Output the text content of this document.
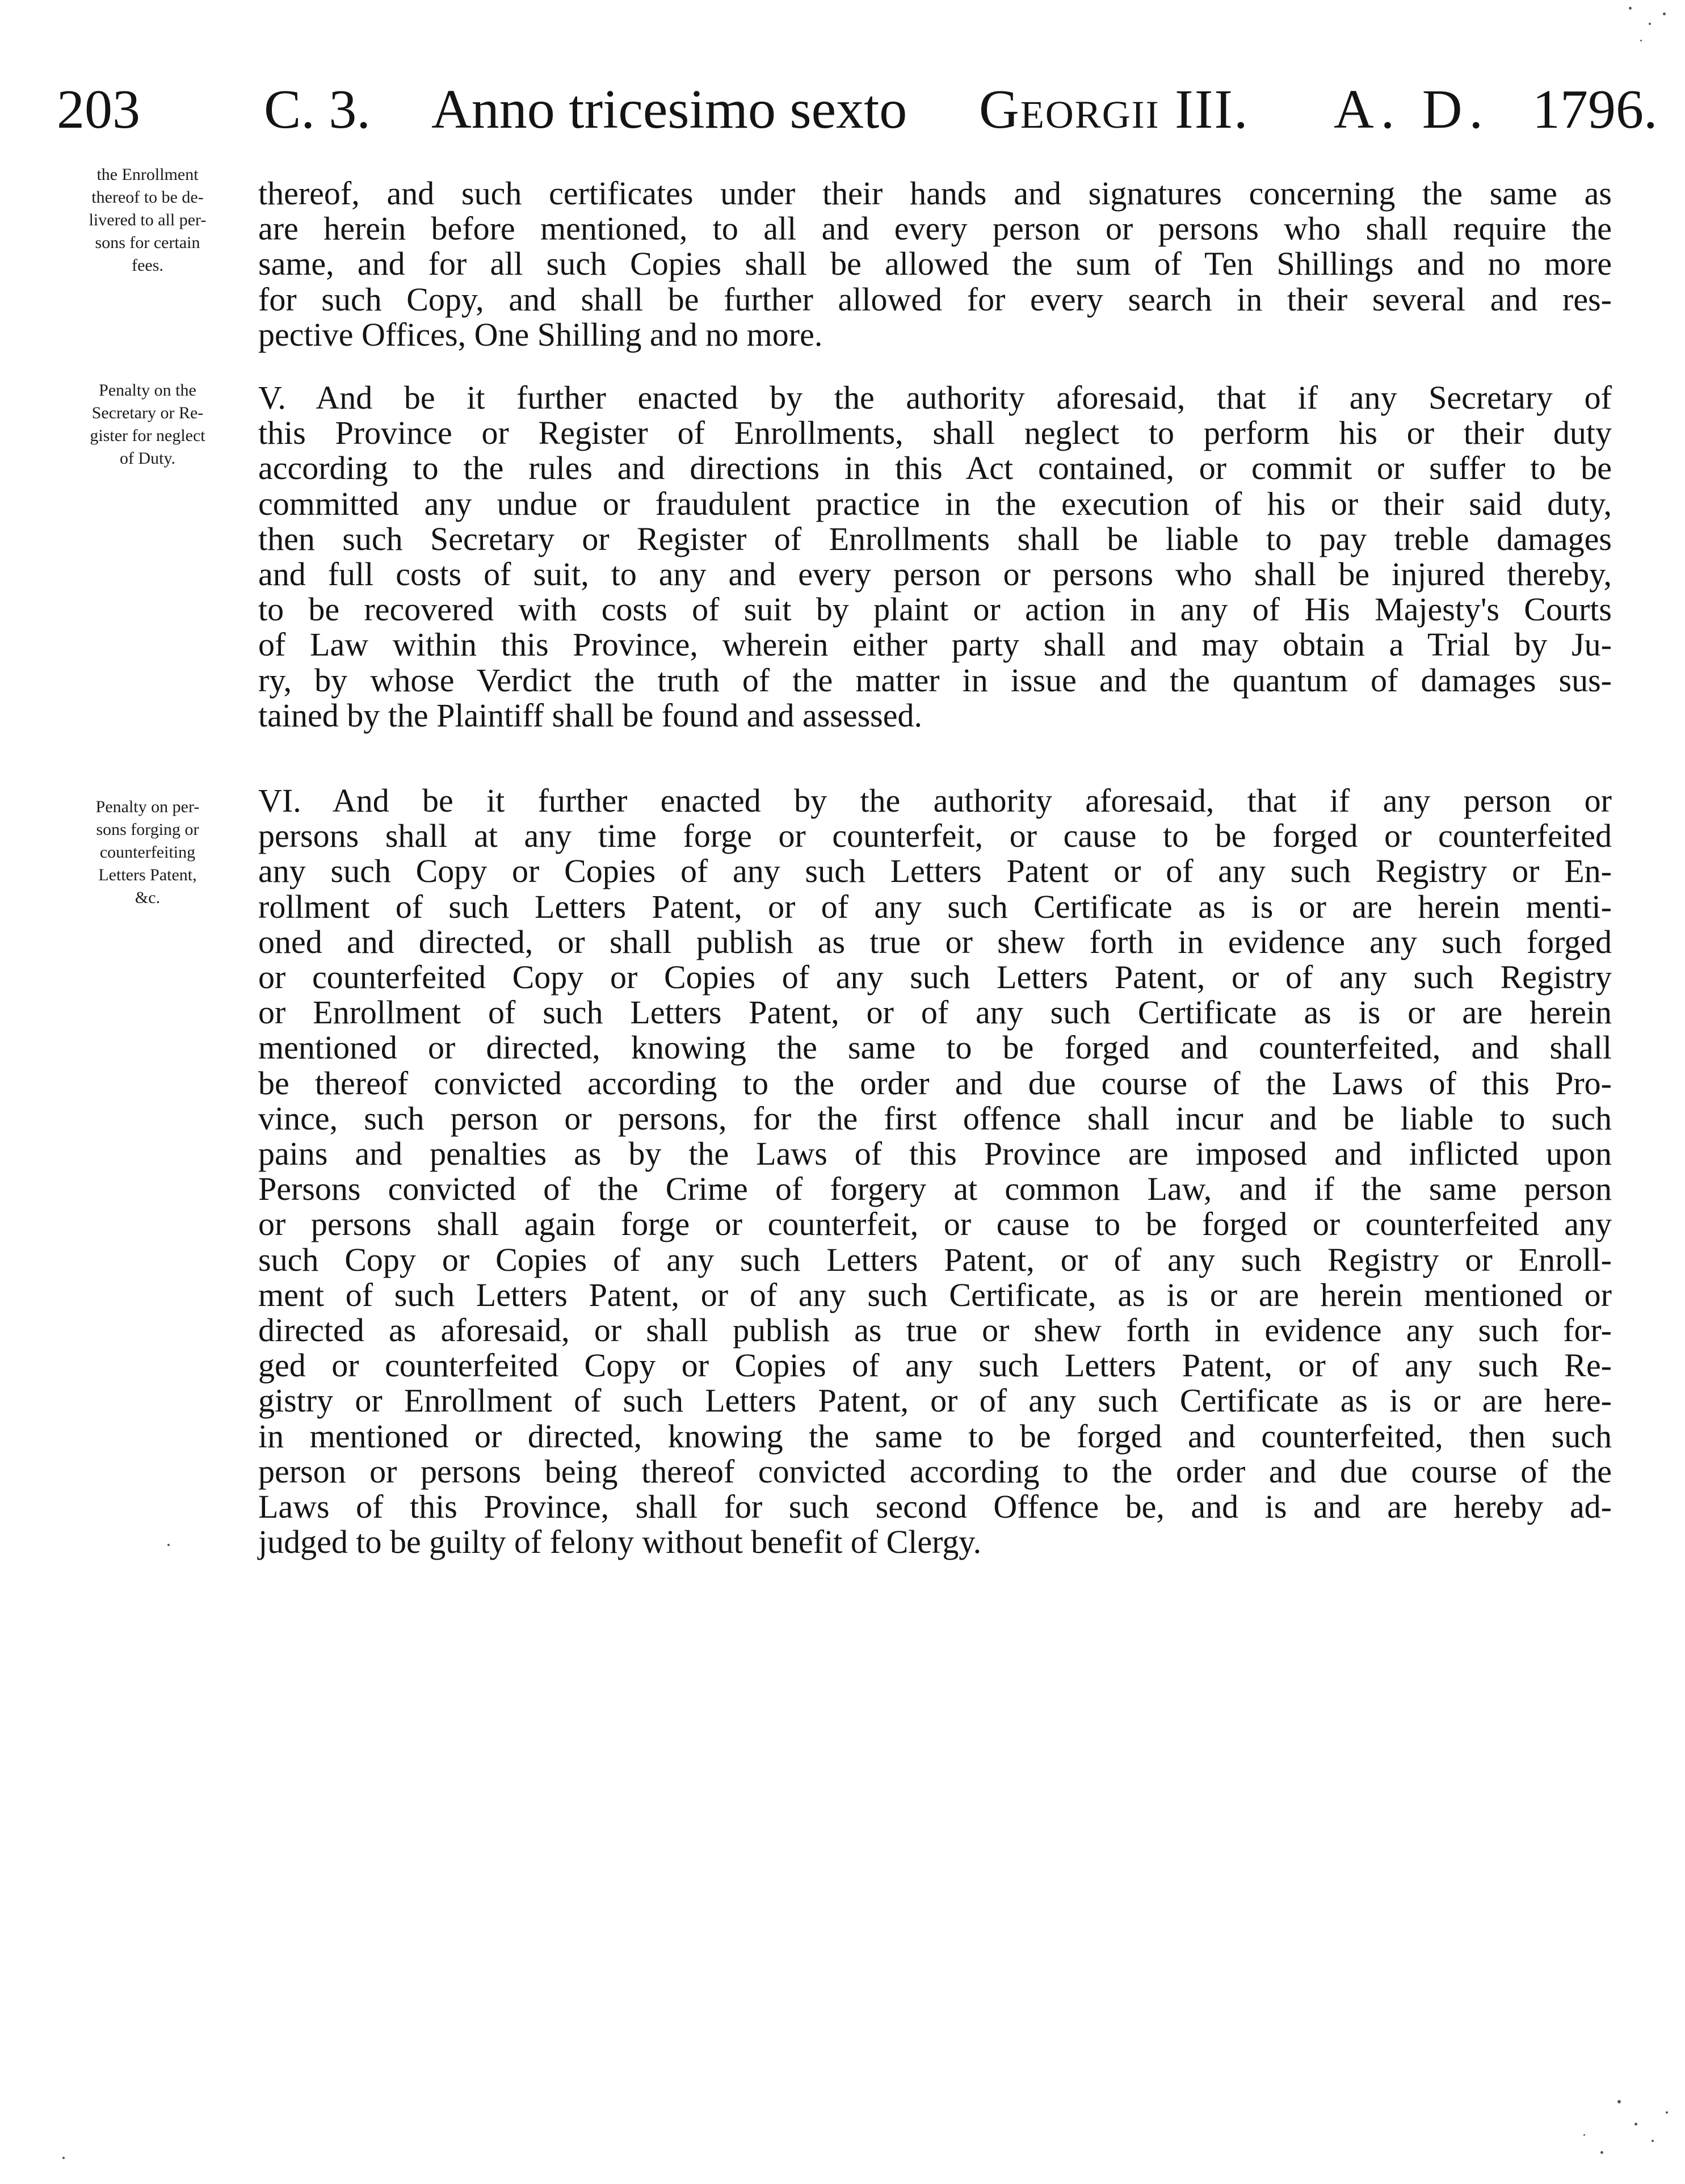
203 C. 3. Anno tricesimo sexto Georgii III. A. D. 1796.
the Enrollment
thereof to be de-
livered to all per-
sons for certain
fees.
Penalty on the
Secretary or Re-
gister for neglect
of Duty.
Penalty on per-
sons forging or
counterfeiting
Letters Patent,
&c.
thereof, and such certificates under their hands and signatures concerning the same as
are herein before mentioned, to all and every person or persons who shall require the
same, and for all such Copies shall be allowed the sum of Ten Shillings and no more
for such Copy, and shall be further allowed for every search in their several and res-
pective Offices, One Shilling and no more.
V. And be it further enacted by the authority aforesaid, that if any Secretary of
this Province or Register of Enrollments, shall neglect to perform his or their duty
according to the rules and directions in this Act contained, or commit or suffer to be
committed any undue or fraudulent practice in the execution of his or their said duty,
then such Secretary or Register of Enrollments shall be liable to pay treble damages
and full costs of suit, to any and every person or persons who shall be injured thereby,
to be recovered with costs of suit by plaint or action in any of His Majesty's Courts
of Law within this Province, wherein either party shall and may obtain a Trial by Ju-
ry, by whose Verdict the truth of the matter in issue and the quantum of damages sus-
tained by the Plaintiff shall be found and assessed.
VI. And be it further enacted by the authority aforesaid, that if any person or
persons shall at any time forge or counterfeit, or cause to be forged or counterfeited
any such Copy or Copies of any such Letters Patent or of any such Registry or En-
rollment of such Letters Patent, or of any such Certificate as is or are herein menti-
oned and directed, or shall publish as true or shew forth in evidence any such forged
or counterfeited Copy or Copies of any such Letters Patent, or of any such Registry
or Enrollment of such Letters Patent, or of any such Certificate as is or are herein
mentioned or directed, knowing the same to be forged and counterfeited, and shall
be thereof convicted according to the order and due course of the Laws of this Pro-
vince, such person or persons, for the first offence shall incur and be liable to such
pains and penalties as by the Laws of this Province are imposed and inflicted upon
Persons convicted of the Crime of forgery at common Law, and if the same person
or persons shall again forge or counterfeit, or cause to be forged or counterfeited any
such Copy or Copies of any such Letters Patent, or of any such Registry or Enroll-
ment of such Letters Patent, or of any such Certificate, as is or are herein mentioned or
directed as aforesaid, or shall publish as true or shew forth in evidence any such for-
ged or counterfeited Copy or Copies of any such Letters Patent, or of any such Re-
gistry or Enrollment of such Letters Patent, or of any such Certificate as is or are here-
in mentioned or directed, knowing the same to be forged and counterfeited, then such
person or persons being thereof convicted according to the order and due course of the
Laws of this Province, shall for such second Offence be, and is and are hereby ad-
judged to be guilty of felony without benefit of Clergy.
